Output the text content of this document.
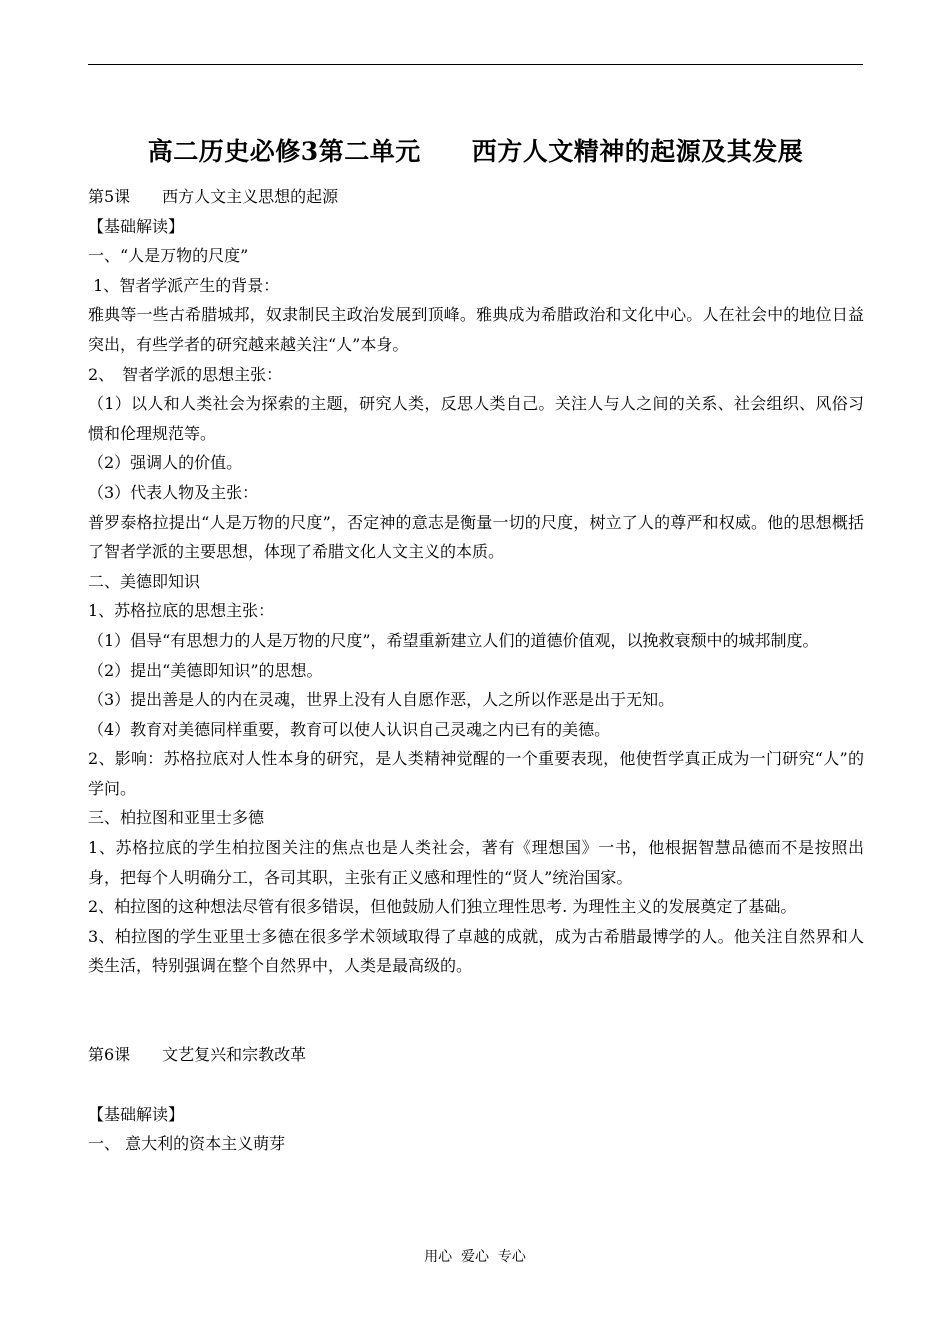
高二历史必修3第二单元　　西方人文精神的起源及其发展
第5课　　西方人文主义思想的起源
【基础解读】
一、“人是万物的尺度”
1、智者学派产生的背景：
雅典等一些古希腊城邦，奴隶制民主政治发展到顶峰。雅典成为希腊政治和文化中心。人在社会中的地位日益突出，有些学者的研究越来越关注“人”本身。
2、　智者学派的思想主张：
（1）以人和人类社会为探索的主题，研究人类，反思人类自己。关注人与人之间的关系、社会组织、风俗习惯和伦理规范等。
（2）强调人的价值。
（3）代表人物及主张：
普罗泰格拉提出“人是万物的尺度”，否定神的意志是衡量一切的尺度，树立了人的尊严和权威。他的思想概括了智者学派的主要思想，体现了希腊文化人文主义的本质。
二、美德即知识
1、苏格拉底的思想主张：
（1）倡导“有思想力的人是万物的尺度”，希望重新建立人们的道德价值观，以挽救衰颓中的城邦制度。
（2）提出“美德即知识”的思想。
（3）提出善是人的内在灵魂，世界上没有人自愿作恶，人之所以作恶是出于无知。
（4）教育对美德同样重要，教育可以使人认识自己灵魂之内已有的美德。
2、影响：苏格拉底对人性本身的研究，是人类精神觉醒的一个重要表现，他使哲学真正成为一门研究“人”的学问。
三、柏拉图和亚里士多德
1、苏格拉底的学生柏拉图关注的焦点也是人类社会，著有《理想国》一书，他根据智慧品德而不是按照出身，把每个人明确分工，各司其职，主张有正义感和理性的“贤人”统治国家。
2、柏拉图的这种想法尽管有很多错误，但他鼓励人们独立理性思考. 为理性主义的发展奠定了基础。
3、柏拉图的学生亚里士多德在很多学术领域取得了卓越的成就，成为古希腊最博学的人。他关注自然界和人类生活，特别强调在整个自然界中，人类是最高级的。
第6课　　文艺复兴和宗教改革
【基础解读】
一、 意大利的资本主义萌芽
用心  爱心  专心
